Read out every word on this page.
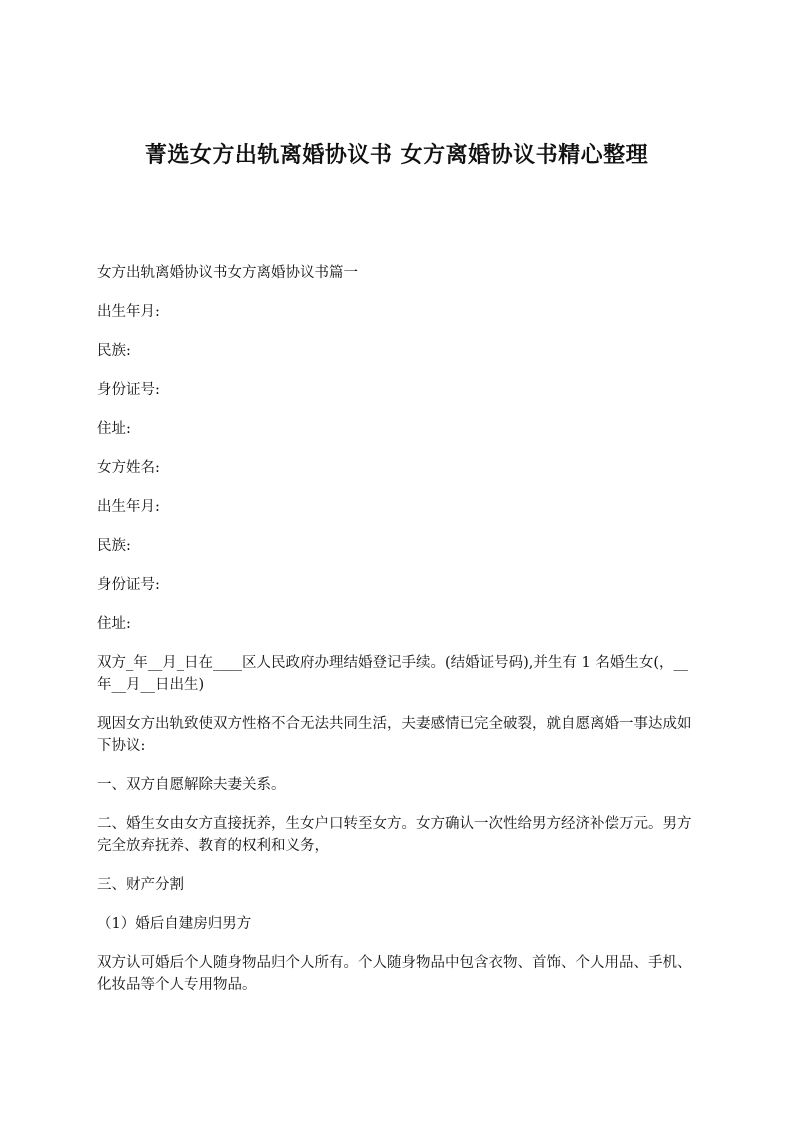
菁选女方出轨离婚协议书 女方离婚协议书精心整理

女方出轨离婚协议书女方离婚协议书篇一

出生年月:

民族:

身份证号:

住址:

女方姓名:

出生年月:

民族:

身份证号:

住址:

双方_年__月_日在____区人民政府办理结婚登记手续。(结婚证号码),并生有 1 名婚生女(，__年__月__日出生)

现因女方出轨致使双方性格不合无法共同生活，夫妻感情已完全破裂，就自愿离婚一事达成如下协议:

一、双方自愿解除夫妻关系。

二、婚生女由女方直接抚养，生女户口转至女方。女方确认一次性给男方经济补偿万元。男方完全放弃抚养、教育的权利和义务，

三、财产分割

（1）婚后自建房归男方

双方认可婚后个人随身物品归个人所有。个人随身物品中包含衣物、首饰、个人用品、手机、化妆品等个人专用物品。
